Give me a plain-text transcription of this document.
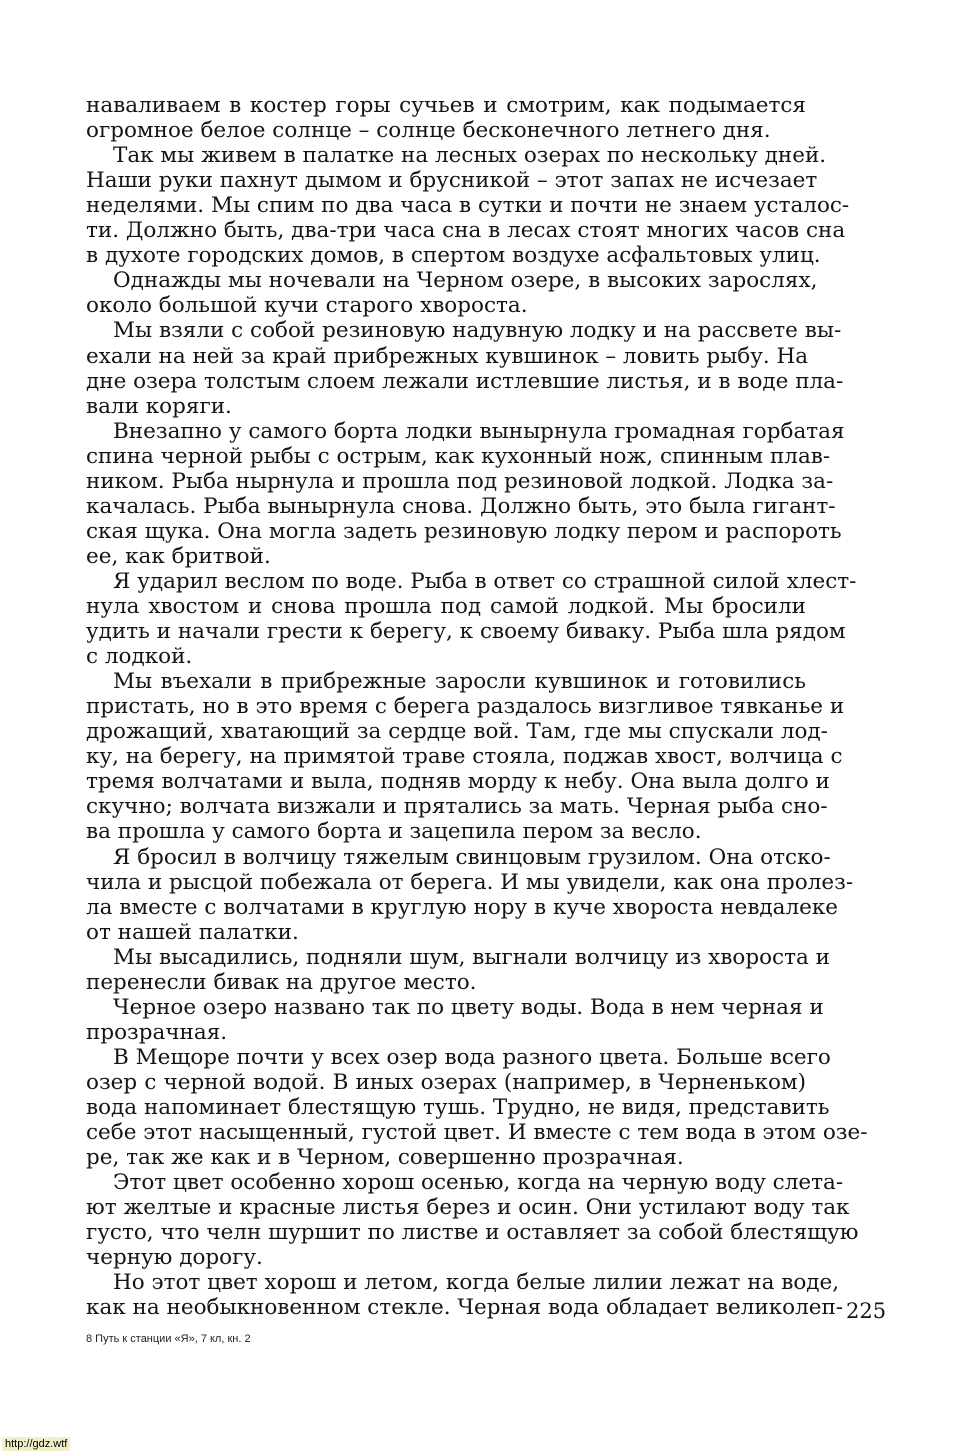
наваливаем в костер горы сучьев и смотрим, как подымается
огромное белое солнце – солнце бесконечного летнего дня.
Так мы живем в палатке на лесных озерах по нескольку дней.
Наши руки пахнут дымом и брусникой – этот запах не исчезает
неделями. Мы спим по два часа в сутки и почти не знаем усталос-
ти. Должно быть, два-три часа сна в лесах стоят многих часов сна
в духоте городских домов, в спертом воздухе асфальтовых улиц.
Однажды мы ночевали на Черном озере, в высоких зарослях,
около большой кучи старого хвороста.
Мы взяли с собой резиновую надувную лодку и на рассвете вы-
ехали на ней за край прибрежных кувшинок – ловить рыбу. На
дне озера толстым слоем лежали истлевшие листья, и в воде пла-
вали коряги.
Внезапно у самого борта лодки вынырнула громадная горбатая
спина черной рыбы с острым, как кухонный нож, спинным плав-
ником. Рыба нырнула и прошла под резиновой лодкой. Лодка за-
качалась. Рыба вынырнула снова. Должно быть, это была гигант-
ская щука. Она могла задеть резиновую лодку пером и распороть
ее, как бритвой.
Я ударил веслом по воде. Рыба в ответ со страшной силой хлест-
нула хвостом и снова прошла под самой лодкой. Мы бросили
удить и начали грести к берегу, к своему биваку. Рыба шла рядом
с лодкой.
Мы въехали в прибрежные заросли кувшинок и готовились
пристать, но в это время с берега раздалось визгливое тявканье и
дрожащий, хватающий за сердце вой. Там, где мы спускали лод-
ку, на берегу, на примятой траве стояла, поджав хвост, волчица с
тремя волчатами и выла, подняв морду к небу. Она выла долго и
скучно; волчата визжали и прятались за мать. Черная рыба сно-
ва прошла у самого борта и зацепила пером за весло.
Я бросил в волчицу тяжелым свинцовым грузилом. Она отско-
чила и рысцой побежала от берега. И мы увидели, как она пролез-
ла вместе с волчатами в круглую нору в куче хвороста невдалеке
от нашей палатки.
Мы высадились, подняли шум, выгнали волчицу из хвороста и
перенесли бивак на другое место.
Черное озеро названо так по цвету воды. Вода в нем черная и
прозрачная.
В Мещоре почти у всех озер вода разного цвета. Больше всего
озер с черной водой. В иных озерах (например, в Черненьком)
вода напоминает блестящую тушь. Трудно, не видя, представить
себе этот насыщенный, густой цвет. И вместе с тем вода в этом озе-
ре, так же как и в Черном, совершенно прозрачная.
Этот цвет особенно хорош осенью, когда на черную воду слета-
ют желтые и красные листья берез и осин. Они устилают воду так
густо, что челн шуршит по листве и оставляет за собой блестящую
черную дорогу.
Но этот цвет хорош и летом, когда белые лилии лежат на воде,
как на необыкновенном стекле. Черная вода обладает великолеп- 225
8 Путь к станции «Я», 7 кл, кн. 2
http://gdz.wtf
